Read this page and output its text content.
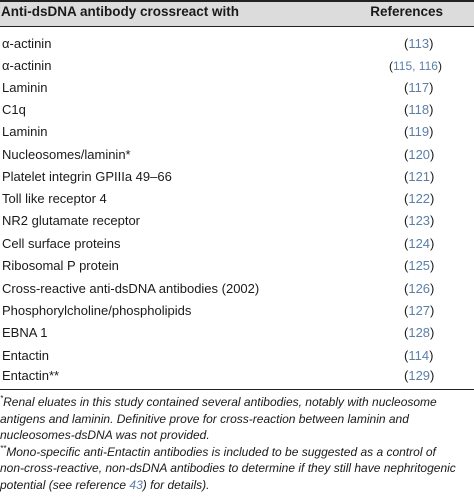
Anti-dsDNA antibody crossreact with	References
α-actinin	(113)
α-actinin	(115, 116)
Laminin	(117)
C1q	(118)
Laminin	(119)
Nucleosomes/laminin*	(120)
Platelet integrin GPIIIa 49–66	(121)
Toll like receptor 4	(122)
NR2 glutamate receptor	(123)
Cell surface proteins	(124)
Ribosomal P protein	(125)
Cross-reactive anti-dsDNA antibodies (2002)	(126)
Phosphorylcholine/phospholipids	(127)
EBNA 1	(128)
Entactin	(114)
Entactin**	(129)

*Renal eluates in this study contained several antibodies, notably with nucleosome

antigens and laminin. Definitive prove for cross-reaction between laminin and

nucleosomes-dsDNA was not provided.

**Mono-specific anti-Entactin antibodies is included to be suggested as a control of

non-cross-reactive, non-dsDNA antibodies to determine if they still have nephritogenic

potential (see reference 43) for details).
